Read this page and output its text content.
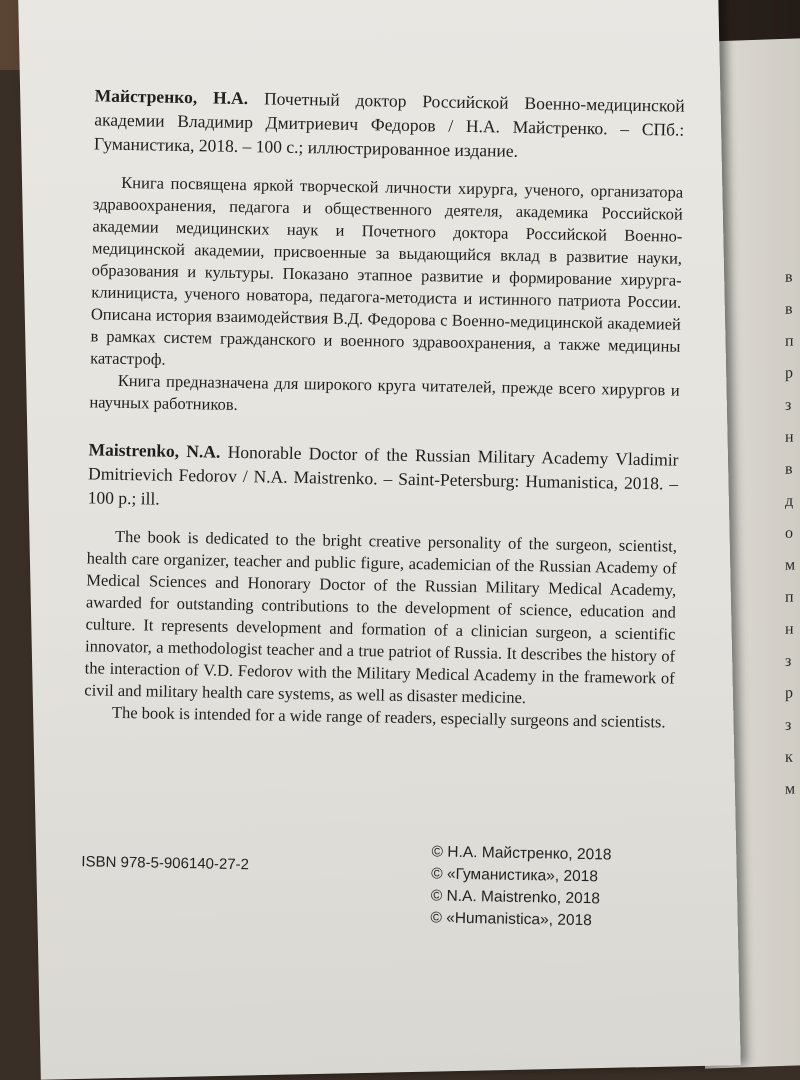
в
в
п
р
з
н
в
д
о
м
п
н
з
р
з
к
м

Майстренко, Н.А. Почетный доктор Российской Военно-медицинской академии Владимир Дмитриевич Федоров / Н.А. Майстренко. – СПб.: Гуманистика, 2018. – 100 с.; иллюстрированное издание.

Книга посвящена яркой творческой личности хирурга, ученого, организатора здравоохранения, педагога и общественного деятеля, академика Российской академии медицинских наук и Почетного доктора Российской Военно-медицинской академии, присвоенные за выдающийся вклад в развитие науки, образования и культуры. Показано этапное развитие и формирование хирурга-клинициста, ученого новатора, педагога-методиста и истинного патриота России. Описана история взаимодействия В.Д. Федорова с Военно-медицинской академией в рамках систем гражданского и военного здравоохранения, а также медицины катастроф.

Книга предназначена для широкого круга читателей, прежде всего хирургов и научных работников.

Maistrenko, N.A. Honorable Doctor of the Russian Military Academy Vladimir Dmitrievich Fedorov / N.A. Maistrenko. – Saint-Petersburg: Humanistica, 2018. – 100 p.; ill.

The book is dedicated to the bright creative personality of the surgeon, scientist, health care organizer, teacher and public figure, academician of the Russian Academy of Medical Sciences and Honorary Doctor of the Russian Military Medical Academy, awarded for outstanding contributions to the development of science, education and culture. It represents development and formation of a clinician surgeon, a scientific innovator, a methodologist teacher and a true patriot of Russia. It describes the history of the interaction of V.D. Fedorov with the Military Medical Academy in the framework of civil and military health care systems, as well as disaster medicine.

The book is intended for a wide range of readers, especially surgeons and scientists.

ISBN 978-5-906140-27-2	© Н.А. Майстренко, 2018
© «Гуманистика», 2018
© N.A. Maistrenko, 2018
© «Humanistica», 2018
